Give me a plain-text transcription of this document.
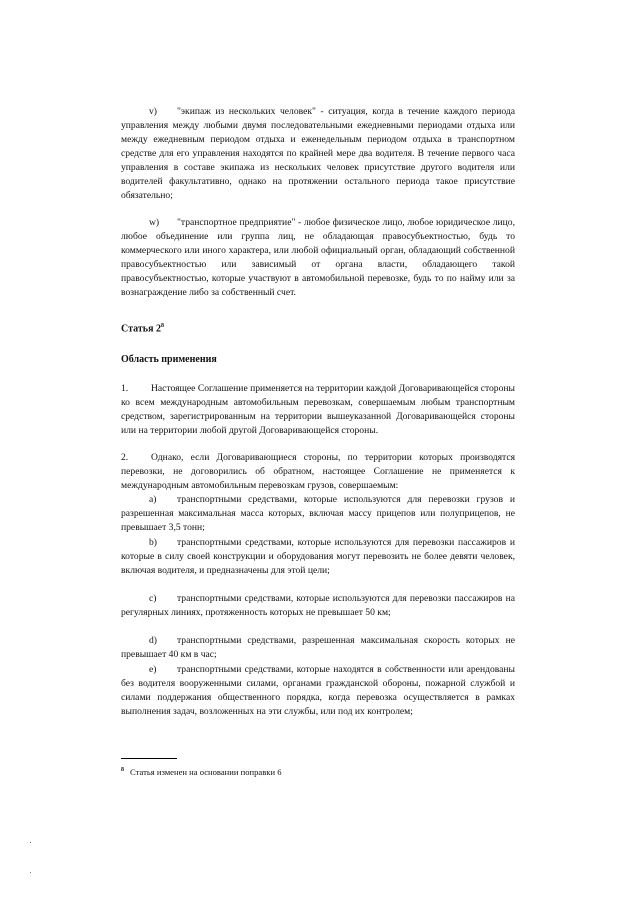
v) "экипаж из нескольких человек" - ситуация, когда в течение каждого периода управления между любыми двумя последовательными ежедневными периодами отдыха или между ежедневным периодом отдыха и еженедельным периодом отдыха в транспортном средстве для его управления находятся по крайней мере два водителя. В течение первого часа управления в составе экипажа из нескольких человек присутствие другого водителя или водителей факультативно, однако на протяжении остального периода такое присутствие обязательно;

w) "транспортное предприятие" - любое физическое лицо, любое юридическое лицо, любое объединение или группа лиц, не обладающая правосубъектностью, будь то коммерческого или иного характера, или любой официальный орган, обладающий собственной правосубъектностью или зависимый от органа власти, обладающего такой правосубъектностью, которые участвуют в автомобильной перевозке, будь то по найму или за вознаграждение либо за собственный счет.

Статья $2^8$

Область применения

1. Настоящее Соглашение применяется на территории каждой Договаривающейся стороны ко всем международным автомобильным перевозкам, совершаемым любым транспортным средством, зарегистрированным на территории вышеуказанной Договаривающейся стороны или на территории любой другой Договаривающейся стороны.

2. Однако, если Договаривающиеся стороны, по территории которых производятся перевозки, не договорились об обратном, настоящее Соглашение не применяется к международным автомобильным перевозкам грузов, совершаемым:

a) транспортными средствами, которые используются для перевозки грузов и разрешенная максимальная масса которых, включая массу прицепов или полуприцепов, не превышает 3,5 тонн;

b) транспортными средствами, которые используются для перевозки пассажиров и которые в силу своей конструкции и оборудования могут перевозить не более девяти человек, включая водителя, и предназначены для этой цели;

c) транспортными средствами, которые используются для перевозки пассажиров на регулярных линиях, протяженность которых не превышает 50 км;

d) транспортными средствами, разрешенная максимальная скорость которых не превышает 40 км в час;

e) транспортными средствами, которые находятся в собственности или арендованы без водителя вооруженными силами, органами гражданской обороны, пожарной службой и силами поддержания общественного порядка, когда перевозка осуществляется в рамках выполнения задач, возложенных на эти службы, или под их контролем;

$^8$ Статья изменен на основании поправки 6
